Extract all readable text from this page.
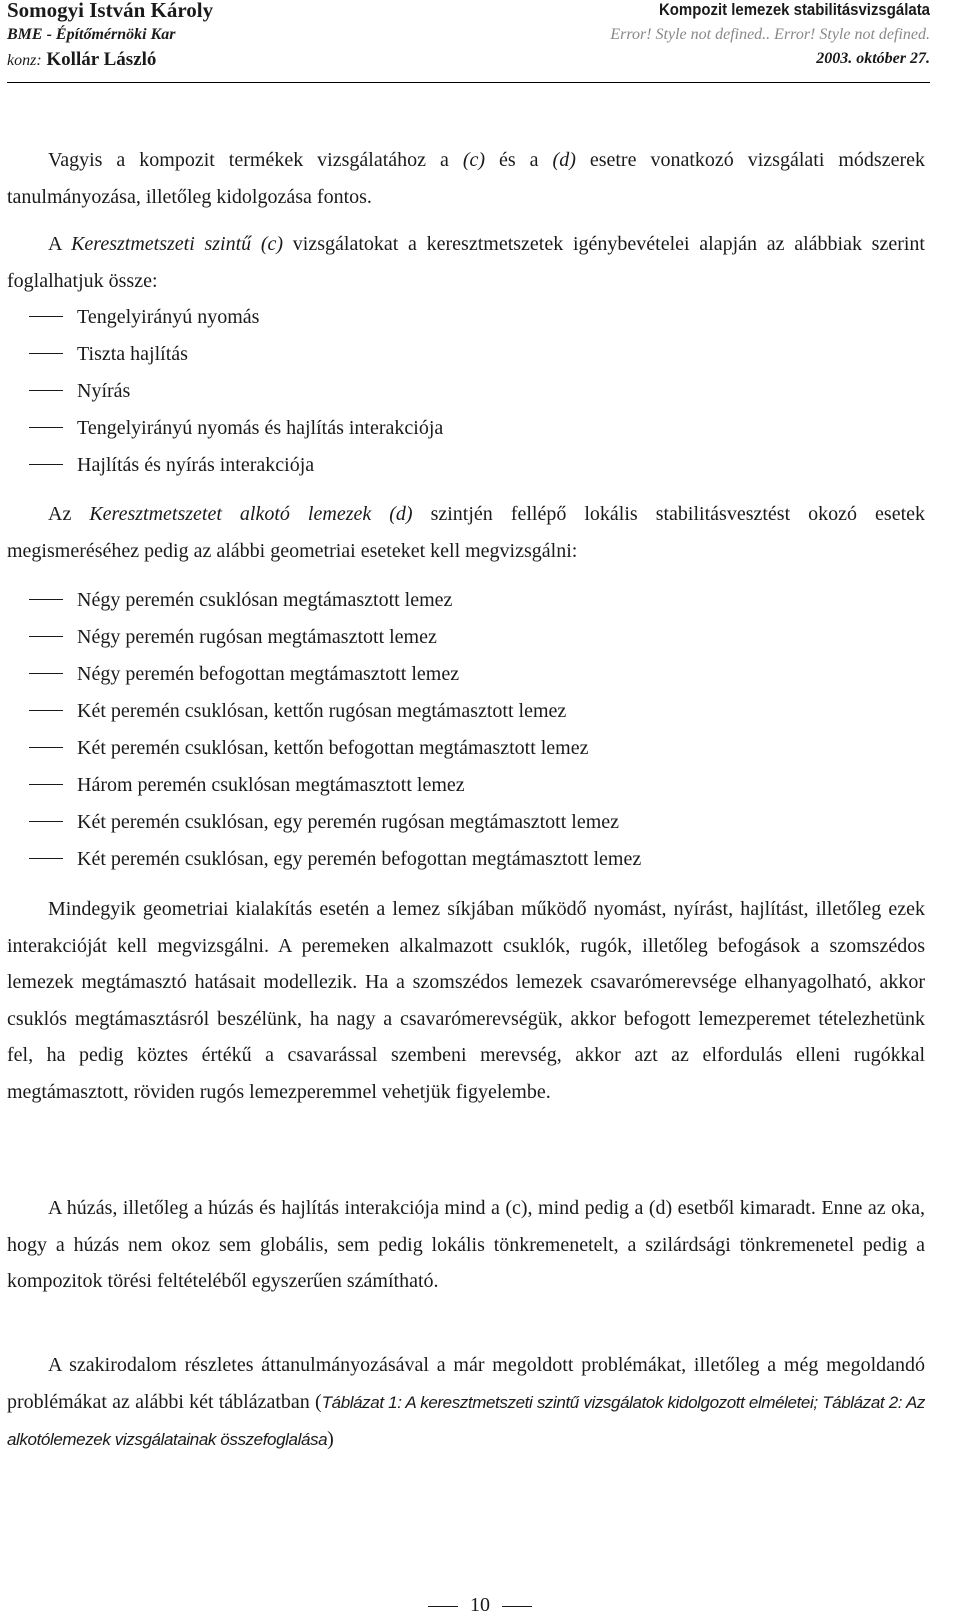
Somogyi István Károly
BME - Építőmérnöki Kar
konz: Kollár László
Kompozit lemezek stabilitásvizsgálata
Error! Style not defined.. Error! Style not defined.
2003. október 27.

Vagyis a kompozit termékek vizsgálatához a (c) és a (d) esetre vonatkozó vizsgálati módszerek tanulmányozása, illetőleg kidolgozása fontos.

A Keresztmetszeti szintű (c) vizsgálatokat a keresztmetszetek igénybevételei alapján az alábbiak szerint foglalhatjuk össze:

Tengelyirányú nyomás
Tiszta hajlítás
Nyírás
Tengelyirányú nyomás és hajlítás interakciója
Hajlítás és nyírás interakciója

Az Keresztmetszetet alkotó lemezek (d) szintjén fellépő lokális stabilitásvesztést okozó esetek megismeréséhez pedig az alábbi geometriai eseteket kell megvizsgálni:

Négy peremén csuklósan megtámasztott lemez
Négy peremén rugósan megtámasztott lemez
Négy peremén befogottan megtámasztott lemez
Két peremén csuklósan, kettőn rugósan megtámasztott lemez
Két peremén csuklósan, kettőn befogottan megtámasztott lemez
Három peremén csuklósan megtámasztott lemez
Két peremén csuklósan, egy peremén rugósan megtámasztott lemez
Két peremén csuklósan, egy peremén befogottan megtámasztott lemez

Mindegyik geometriai kialakítás esetén a lemez síkjában működő nyomást, nyírást, hajlítást, illetőleg ezek interakcióját kell megvizsgálni. A peremeken alkalmazott csuklók, rugók, illetőleg befogások a szomszédos lemezek megtámasztó hatásait modellezik. Ha a szomszédos lemezek csavarómerevsége elhanyagolható, akkor csuklós megtámasztásról beszélünk, ha nagy a csavarómerevségük, akkor befogott lemezperemet tételezhetünk fel, ha pedig köztes értékű a csavarással szembeni merevség, akkor azt az elfordulás elleni rugókkal megtámasztott, röviden rugós lemezperemmel vehetjük figyelembe.

A húzás, illetőleg a húzás és hajlítás interakciója mind a (c), mind pedig a (d) esetből kimaradt. Enne az oka, hogy a húzás nem okoz sem globális, sem pedig lokális tönkremenetelt, a szilárdsági tönkremenetel pedig a kompozitok törési feltételéből egyszerűen számítható.

A szakirodalom részletes áttanulmányozásával a már megoldott problémákat, illetőleg a még megoldandó problémákat az alábbi két táblázatban (Táblázat 1: A keresztmetszeti szintű vizsgálatok kidolgozott elméletei; Táblázat 2: Az alkotólemezek vizsgálatainak összefoglalása)

10
